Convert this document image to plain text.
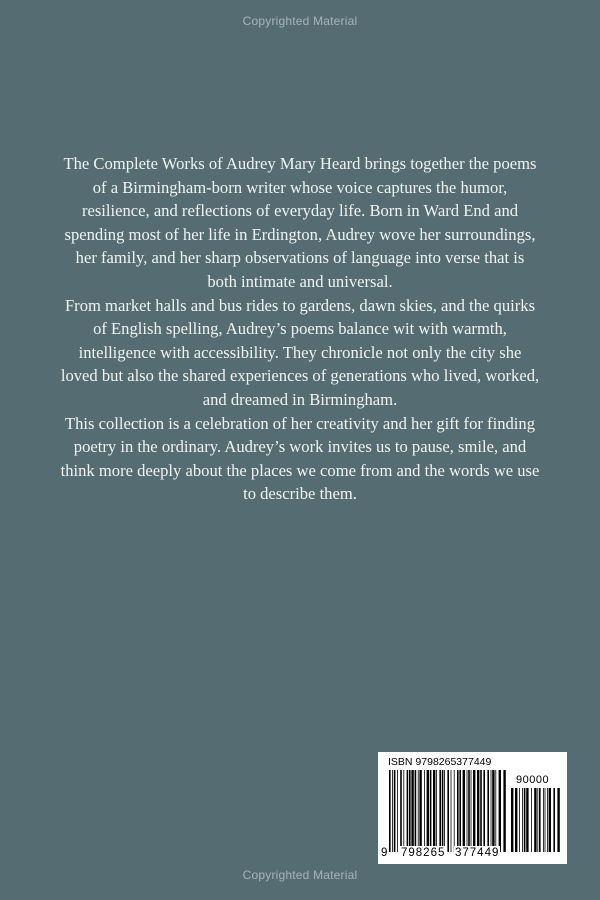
Copyrighted Material

The Complete Works of Audrey Mary Heard brings together the poems of a Birmingham-born writer whose voice captures the humor, resilience, and reflections of everyday life. Born in Ward End and spending most of her life in Erdington, Audrey wove her surroundings, her family, and her sharp observations of language into verse that is both intimate and universal.

From market halls and bus rides to gardens, dawn skies, and the quirks of English spelling, Audrey’s poems balance wit with warmth, intelligence with accessibility. They chronicle not only the city she loved but also the shared experiences of generations who lived, worked, and dreamed in Birmingham.

This collection is a celebration of her creativity and her gift for finding poetry in the ordinary. Audrey’s work invites us to pause, smile, and think more deeply about the places we come from and the words we use to describe them.

ISBN 9798265377449
90000
9 798265 377449
Copyrighted Material
